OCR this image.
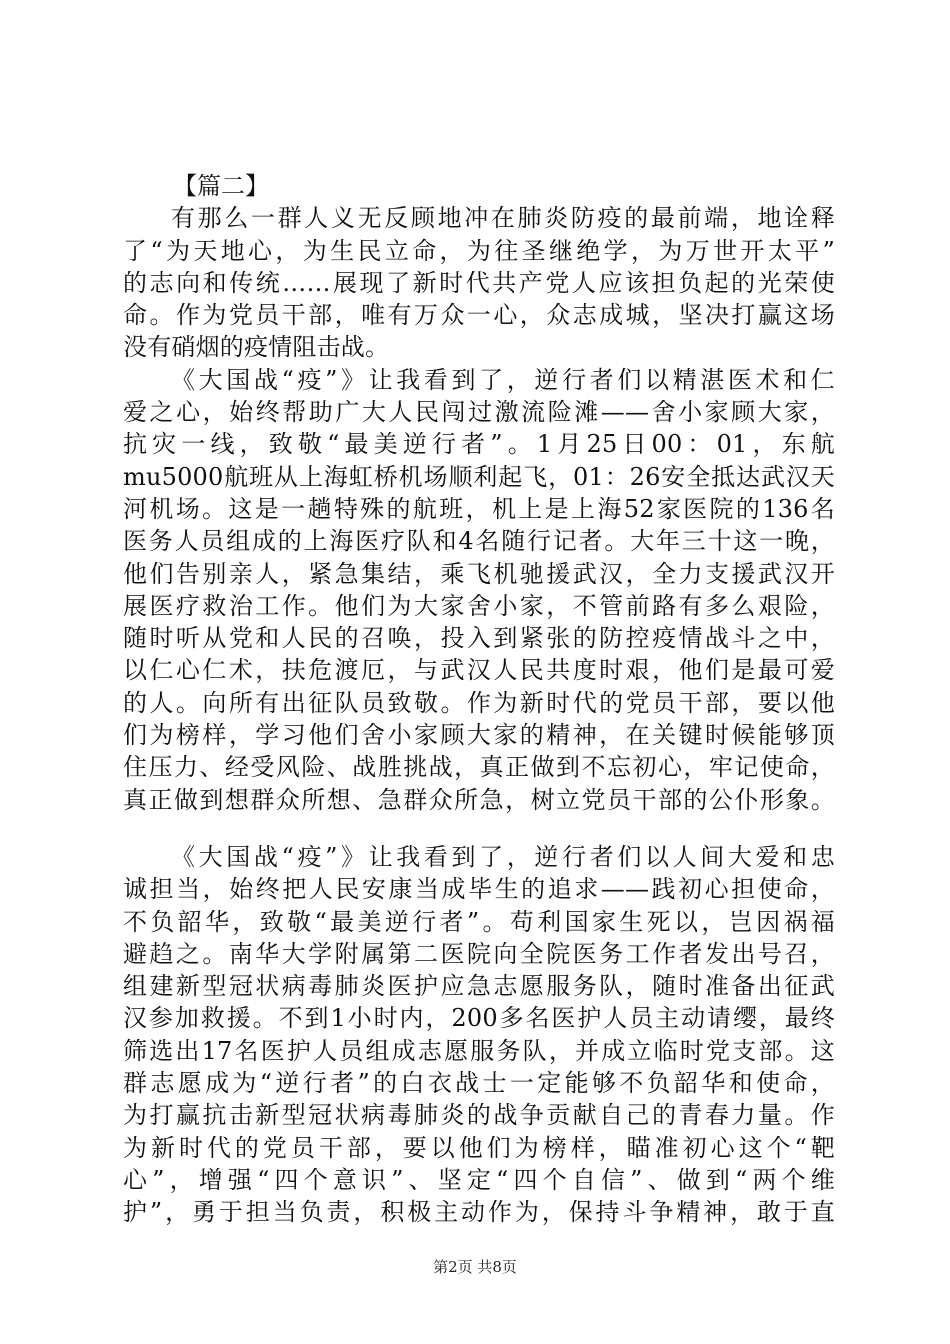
【篇二】
有那么一群人义无反顾地冲在肺炎防疫的最前端，地诠释
了“为天地心，为生民立命，为往圣继绝学，为万世开太平”
的志向和传统……展现了新时代共产党人应该担负起的光荣使
命。作为党员干部，唯有万众一心，众志成城，坚决打赢这场
没有硝烟的疫情阻击战。
《大国战“疫”》让我看到了，逆行者们以精湛医术和仁
爱之心，始终帮助广大人民闯过激流险滩——舍小家顾大家，
抗灾一线，致敬“最美逆行者”。1月25日00：01，东航
mu5000航班从上海虹桥机场顺利起飞，01：26安全抵达武汉天
河机场。这是一趟特殊的航班，机上是上海52家医院的136名
医务人员组成的上海医疗队和4名随行记者。大年三十这一晚，
他们告别亲人，紧急集结，乘飞机驰援武汉，全力支援武汉开
展医疗救治工作。他们为大家舍小家，不管前路有多么艰险，
随时听从党和人民的召唤，投入到紧张的防控疫情战斗之中，
以仁心仁术，扶危渡厄，与武汉人民共度时艰，他们是最可爱
的人。向所有出征队员致敬。作为新时代的党员干部，要以他
们为榜样，学习他们舍小家顾大家的精神，在关键时候能够顶
住压力、经受风险、战胜挑战，真正做到不忘初心，牢记使命，
真正做到想群众所想、急群众所急，树立党员干部的公仆形象。
《大国战“疫”》让我看到了，逆行者们以人间大爱和忠
诚担当，始终把人民安康当成毕生的追求——践初心担使命，
不负韶华，致敬“最美逆行者”。苟利国家生死以，岂因祸福
避趋之。南华大学附属第二医院向全院医务工作者发出号召，
组建新型冠状病毒肺炎医护应急志愿服务队，随时准备出征武
汉参加救援。不到1小时内，200多名医护人员主动请缨，最终
筛选出17名医护人员组成志愿服务队，并成立临时党支部。这
群志愿成为“逆行者”的白衣战士一定能够不负韶华和使命，
为打赢抗击新型冠状病毒肺炎的战争贡献自己的青春力量。作
为新时代的党员干部，要以他们为榜样，瞄准初心这个“靶
心”，增强“四个意识”、坚定“四个自信”、做到“两个维
护”，勇于担当负责，积极主动作为，保持斗争精神，敢于直
第2页 共8页
